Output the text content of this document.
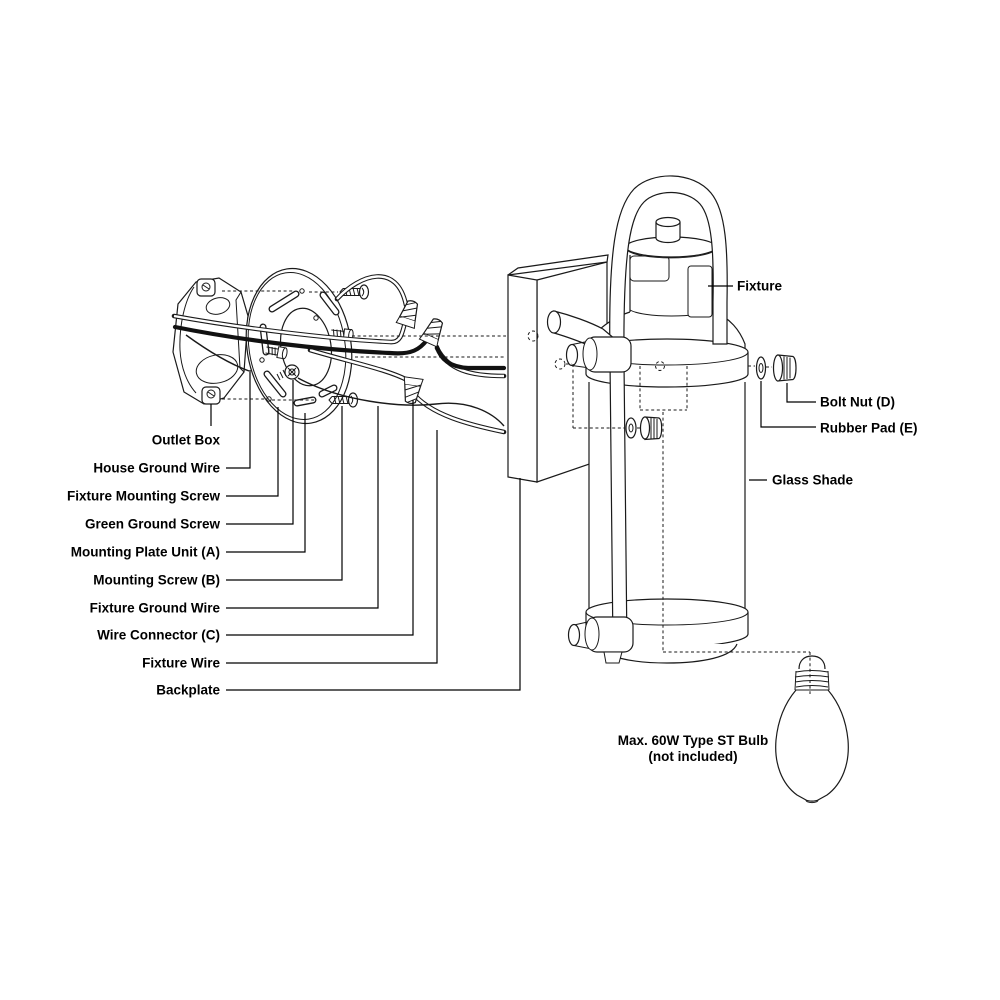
Outlet Box
House Ground Wire
Fixture Mounting Screw
Green Ground Screw
Mounting Plate Unit (A)
Mounting Screw (B)
Fixture Ground Wire
Wire Connector (C)
Fixture Wire
Backplate
Fixture
Bolt Nut (D)
Rubber Pad (E)
Glass Shade
Max. 60W Type ST Bulb
(not included)
